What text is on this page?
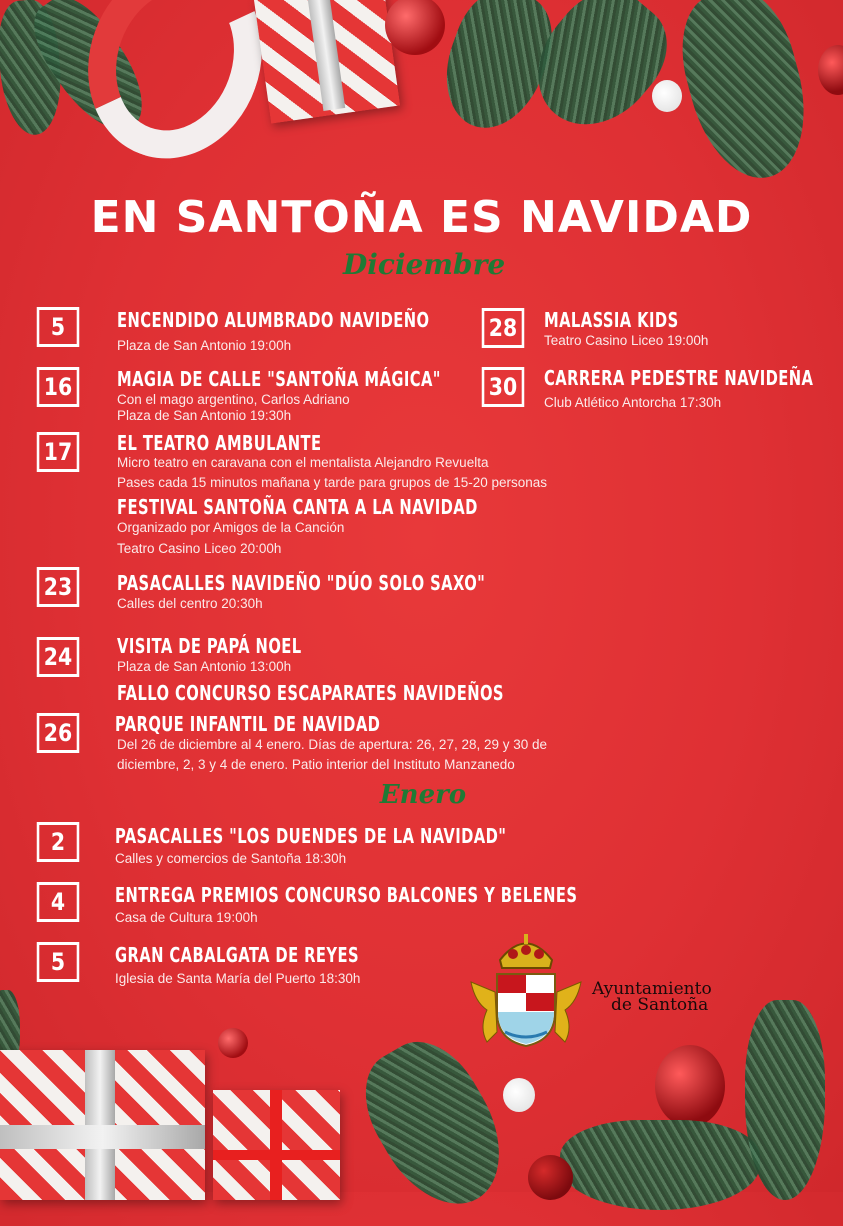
EN SANTOÑA ES NAVIDAD
Diciembre
5	ENCENDIDO ALUMBRADO NAVIDEÑO
Plaza de San Antonio 19:00h
16	MAGIA DE CALLE "SANTOÑA MÁGICA"
Con el mago argentino, Carlos Adriano
Plaza de San Antonio 19:30h
17	EL TEATRO AMBULANTE
Micro teatro en caravana con el mentalista Alejandro Revuelta
Pases cada 15 minutos mañana y tarde para grupos de 15-20 personas
FESTIVAL SANTOÑA CANTA A LA NAVIDAD
Organizado por Amigos de la Canción
Teatro Casino Liceo 20:00h
23	PASACALLES NAVIDEÑO "DÚO SOLO SAXO"
Calles del centro 20:30h
24	VISITA DE PAPÁ NOEL
Plaza de San Antonio 13:00h
FALLO CONCURSO ESCAPARATES NAVIDEÑOS
26	PARQUE INFANTIL DE NAVIDAD
Del 26 de diciembre al 4 enero. Días de apertura: 26, 27, 28, 29 y 30 de
diciembre, 2, 3 y 4 de enero. Patio interior del Instituto Manzanedo
28	MALASSIA KIDS
Teatro Casino Liceo 19:00h
30	CARRERA PEDESTRE NAVIDEÑA
Club Atlético Antorcha 17:30h
Enero
2	PASACALLES "LOS DUENDES DE LA NAVIDAD"
Calles y comercios de Santoña 18:30h
4	ENTREGA PREMIOS CONCURSO BALCONES Y BELENES
Casa de Cultura 19:00h
5	GRAN CABALGATA DE REYES
Iglesia de Santa María del Puerto 18:30h
Ayuntamiento
de Santoña
